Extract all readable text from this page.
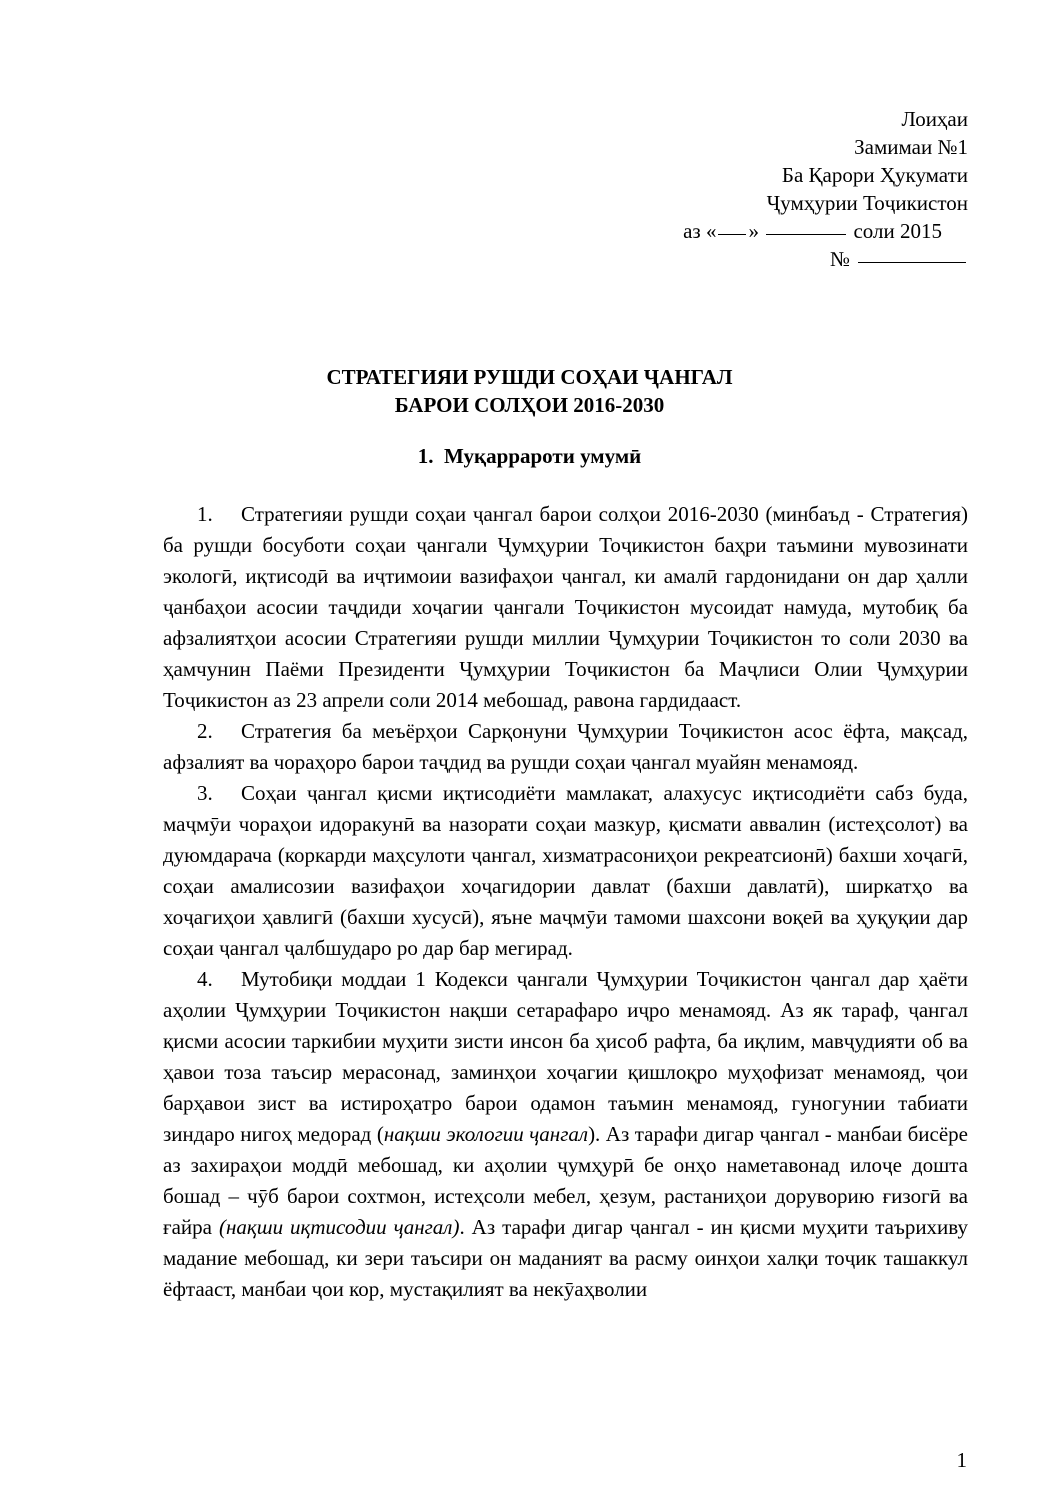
Лоиҳаи
Замимаи №1
Ба Қарори Ҳукумати
Ҷумҳурии Тоҷикистон
аз « »	соли 2015
№
СТРАТЕГИЯИ РУШДИ СОҲАИ ҶАНГАЛ
БАРОИ СОЛҲОИ 2016-2030
1. Муқаррароти умумӣ

1. Стратегияи рушди соҳаи ҷангал барои солҳои 2016-2030 (минбаъд - Стратегия) ба рушди босуботи соҳаи ҷангали Ҷумҳурии Тоҷикистон баҳри таъмини мувозинати экологӣ, иқтисодӣ ва иҷтимоии вазифаҳои ҷангал, ки амалӣ гардонидани он дар ҳалли ҷанбаҳои асосии таҷдиди хоҷагии ҷангали Тоҷикистон мусоидат намуда, мутобиқ ба афзалиятҳои асосии Стратегияи рушди миллии Ҷумҳурии Тоҷикистон то соли 2030 ва ҳамчунин Паёми Президенти Ҷумҳурии Тоҷикистон ба Маҷлиси Олии Ҷумҳурии Тоҷикистон аз 23 апрели соли 2014 мебошад, равона гардидааст.

2. Стратегия ба меъёрҳои Сарқонуни Ҷумҳурии Тоҷикистон асос ёфта, мақсад, афзалият ва чораҳоро барои таҷдид ва рушди соҳаи ҷангал муайян менамояд.

3. Соҳаи ҷангал қисми иқтисодиёти мамлакат, алахусус иқтисодиёти сабз буда, маҷмӯи чораҳои идоракунӣ ва назорати соҳаи мазкур, қисмати аввалин (истеҳсолот) ва дуюмдарача (коркарди маҳсулоти ҷангал, хизматрасониҳои рекреатсионӣ) бахши хоҷагӣ, соҳаи амалисозии вазифаҳои хоҷагидории давлат (бахши давлатӣ), ширкатҳо ва хоҷагиҳои ҳавлигӣ (бахши хусусӣ), яъне маҷмӯи тамоми шахсони воқеӣ ва ҳуқуқии дар соҳаи ҷангал ҷалбшударо ро дар бар мегирад.

4. Мутобиқи моддаи 1 Кодекси ҷангали Ҷумҳурии Тоҷикистон ҷангал дар ҳаёти аҳолии Ҷумҳурии Тоҷикистон нақши сетарафаро иҷро менамояд. Аз як тараф, ҷангал қисми асосии таркибии муҳити зисти инсон ба ҳисоб рафта, ба иқлим, мавҷудияти об ва ҳавои тоза таъсир мерасонад, заминҳои хоҷагии қишлоқро муҳофизат менамояд, ҷои барҳавои зист ва истироҳатро барои одамон таъмин менамояд, гуногунии табиати зиндаро нигоҳ медорад (нақши экологии ҷангал). Аз тарафи дигар ҷангал - манбаи бисёре аз захираҳои моддӣ мебошад, ки аҳолии ҷумҳурӣ бе онҳо наметавонад илоҷе дошта бошад – чӯб барои сохтмон, истеҳсоли мебел, ҳезум, растаниҳои доруворию ғизогӣ ва ғайра (нақши иқтисодии ҷангал). Аз тарафи дигар ҷангал - ин қисми муҳити таърихиву мадание мебошад, ки зери таъсири он маданият ва расму оинҳои халқи тоҷик ташаккул ёфтааст, манбаи ҷои кор, мустақилият ва некӯаҳволии

1
